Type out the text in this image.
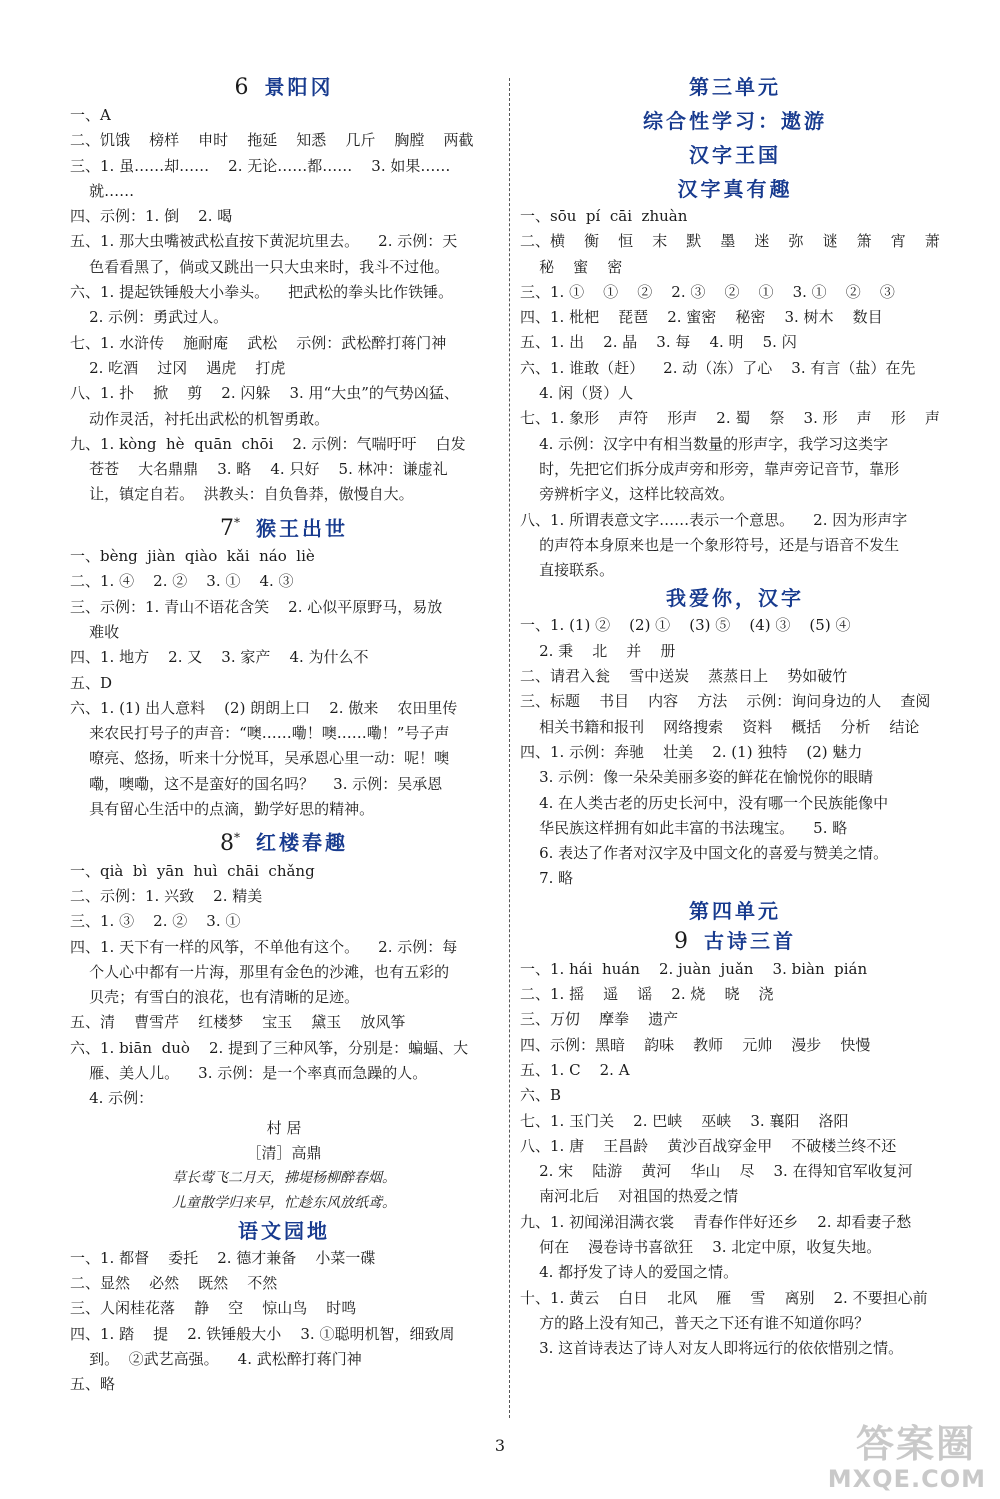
6 景阳冈
一、A
二、饥饿    榜样    申时    拖延    知悉    几斤    胸膛    两截
三、1. 虽……却……    2. 无论……都……    3. 如果……
就……
四、示例：1. 倒    2. 喝
五、1. 那大虫嘴被武松直按下黄泥坑里去。    2. 示例：天
色看看黑了，倘或又跳出一只大虫来时，我斗不过他。
六、1. 提起铁锤般大小拳头。    把武松的拳头比作铁锤。
2. 示例：勇武过人。
七、1. 水浒传    施耐庵    武松    示例：武松醉打蒋门神
2. 吃酒    过冈    遇虎    打虎
八、1. 扑    掀    剪    2. 闪躲    3. 用“大虫”的气势凶猛、
动作灵活，衬托出武松的机智勇敢。
九、1. kòng  hè  quān  chōi    2. 示例：气喘吁吁    白发
苍苍    大名鼎鼎    3. 略    4. 只好    5. 林冲：谦虚礼
让，镇定自若。  洪教头：自负鲁莽，傲慢自大。
7* 猴王出世
一、bèng  jiàn  qiào  kǎi  náo  liè
二、1. ④    2. ②    3. ①    4. ③
三、示例：1. 青山不语花含笑    2. 心似平原野马，易放
难收
四、1. 地方    2. 又    3. 家产    4. 为什么不
五、D
六、1. (1) 出人意料    (2) 朗朗上口    2. 傲来    农田里传
来农民打号子的声音：“噢……嘞！噢……嘞！”号子声
嘹亮、悠扬，听来十分悦耳，吴承恩心里一动：呢！噢
嘞，噢嘞，这不是蛮好的国名吗？    3. 示例：吴承恩
具有留心生活中的点滴，勤学好思的精神。
8* 红楼春趣
一、qià  bì  yān  huì  chāi  chǎng
二、示例：1. 兴致    2. 精美
三、1. ③    2. ②    3. ①
四、1. 天下有一样的风筝，不单他有这个。    2. 示例：每
个人心中都有一片海，那里有金色的沙滩，也有五彩的
贝壳；有雪白的浪花，也有清晰的足迹。
五、清    曹雪芹    红楼梦    宝玉    黛玉    放风筝
六、1. biān  duò    2. 提到了三种风筝，分别是：蝙蝠、大
雁、美人儿。    3. 示例：是一个率真而急躁的人。
4. 示例：
村 居
［清］高鼎
草长莺飞二月天，拂堤杨柳醉春烟。
儿童散学归来早，忙趁东风放纸鸢。
语文园地
一、1. 都督    委托    2. 德才兼备    小菜一碟
二、显然    必然    既然    不然
三、人闲桂花落    静    空    惊山鸟    时鸣
四、1. 踏    提    2. 铁锤般大小    3. ①聪明机智，细致周
到。  ②武艺高强。    4. 武松醉打蒋门神
五、略
第三单元
综合性学习：遨游
汉字王国
汉字真有趣
一、sōu  pí  cāi  zhuàn
二、横    衡    恒    末    默    墨    迷    弥    谜    箫    宵    萧
秘    蜜    密
三、1. ①    ①    ②    2. ③    ②    ①    3. ①    ②    ③
四、1. 枇杷    琵琶    2. 蜜密    秘密    3. 树木    数目
五、1. 出    2. 晶    3. 每    4. 明    5. 闪
六、1. 谁敢（赶）    2. 动（冻）了心    3. 有言（盐）在先
4. 闲（贤）人
七、1. 象形    声符    形声    2. 蜀    祭    3. 形    声    形    声
4. 示例：汉字中有相当数量的形声字，我学习这类字
时，先把它们拆分成声旁和形旁，靠声旁记音节，靠形
旁辨析字义，这样比较高效。
八、1. 所谓表意文字……表示一个意思。    2. 因为形声字
的声符本身原来也是一个象形符号，还是与语音不发生
直接联系。
我爱你，汉字
一、1. (1) ②    (2) ①    (3) ⑤    (4) ③    (5) ④
2. 秉    北    并    册
二、请君入瓮    雪中送炭    蒸蒸日上    势如破竹
三、标题    书目    内容    方法    示例：询问身边的人    查阅
相关书籍和报刊    网络搜索    资料    概括    分析    结论
四、1. 示例：奔驰    壮美    2. (1) 独特    (2) 魅力
3. 示例：像一朵朵美丽多姿的鲜花在愉悦你的眼睛
4. 在人类古老的历史长河中，没有哪一个民族能像中
华民族这样拥有如此丰富的书法瑰宝。    5. 略
6. 表达了作者对汉字及中国文化的喜爱与赞美之情。
7. 略
第四单元
9 古诗三首
一、1. hái  huán    2. juàn  juǎn    3. biàn  pián
二、1. 摇    遥    谣    2. 烧    晓    浇
三、万仞    摩拳    遗产
四、示例：黑暗    韵味    教师    元帅    漫步    快慢
五、1. C    2. A
六、B
七、1. 玉门关    2. 巴峡    巫峡    3. 襄阳    洛阳
八、1. 唐    王昌龄    黄沙百战穿金甲    不破楼兰终不还
2. 宋    陆游    黄河    华山    尽    3. 在得知官军收复河
南河北后    对祖国的热爱之情
九、1. 初闻涕泪满衣裳    青春作伴好还乡    2. 却看妻子愁
何在    漫卷诗书喜欲狂    3. 北定中原，收复失地。
4. 都抒发了诗人的爱国之情。
十、1. 黄云    白日    北风    雁    雪    离别    2. 不要担心前
方的路上没有知己，普天之下还有谁不知道你吗？
3. 这首诗表达了诗人对友人即将远行的依依惜别之情。
3	答案圈
MXQE.COM
